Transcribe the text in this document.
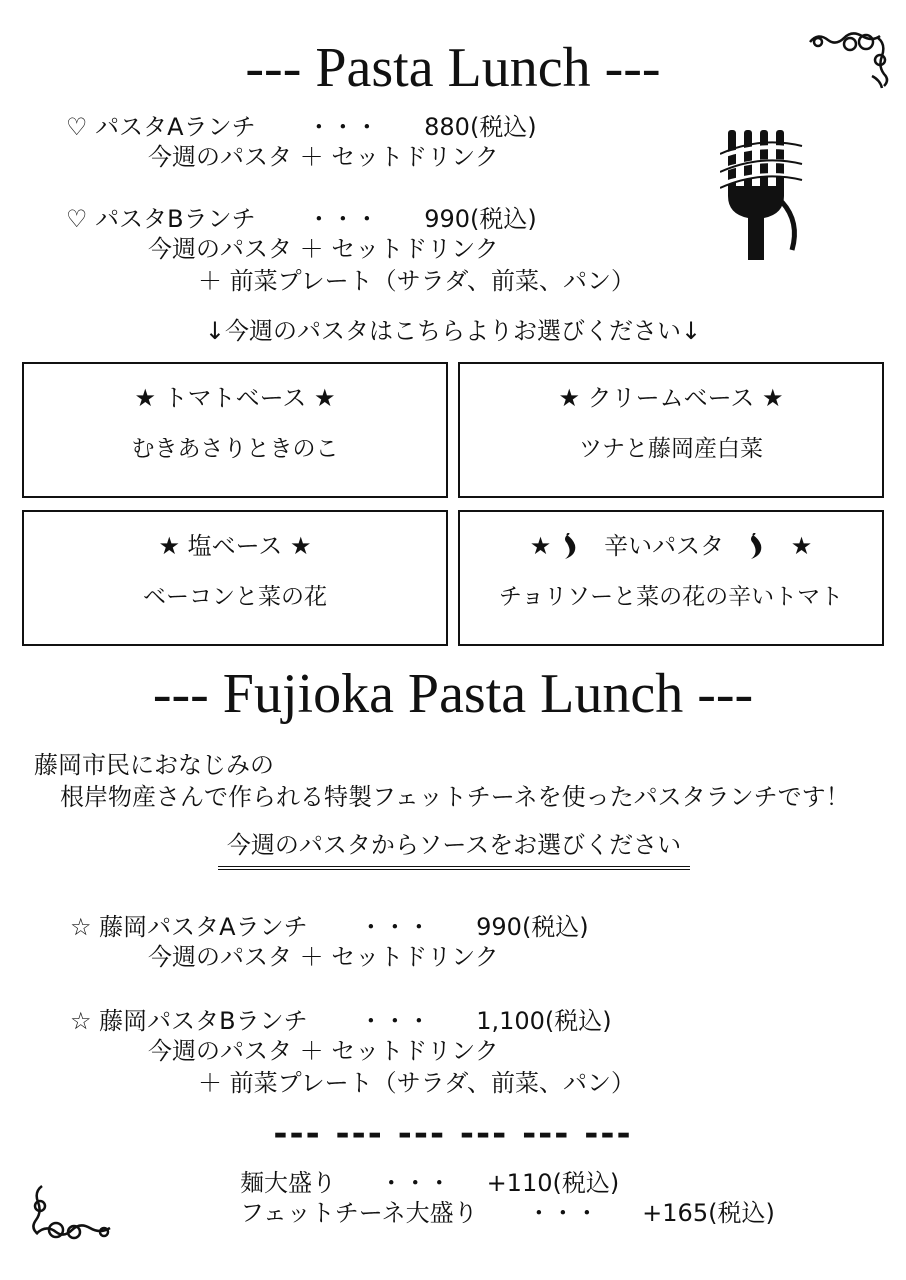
--- Pasta Lunch ---
♡ パスタAランチ ・・・ 880(税込)
今週のパスタ ＋ セットドリンク
♡ パスタBランチ ・・・ 990(税込)
今週のパスタ ＋ セットドリンク
＋ 前菜プレート（サラダ、前菜、パン）
↓今週のパスタはこちらよりお選びください↓
★ トマトベース ★
むきあさりときのこ
★ クリームベース ★
ツナと藤岡産白菜
★ 塩ベース ★
ベーコンと菜の花
★ 辛いパスタ	★
チョリソーと菜の花の辛いトマト
--- Fujioka Pasta Lunch ---
藤岡市民におなじみの
根岸物産さんで作られる特製フェットチーネを使ったパスタランチです！
今週のパスタからソースをお選びください
☆ 藤岡パスタAランチ ・・・ 990(税込)
今週のパスタ ＋ セットドリンク
☆ 藤岡パスタBランチ ・・・ 1,100(税込)
今週のパスタ ＋ セットドリンク
＋ 前菜プレート（サラダ、前菜、パン）
--- --- --- --- --- ---
麺大盛り ・・・ +110(税込)
フェットチーネ大盛り ・・・ +165(税込)
